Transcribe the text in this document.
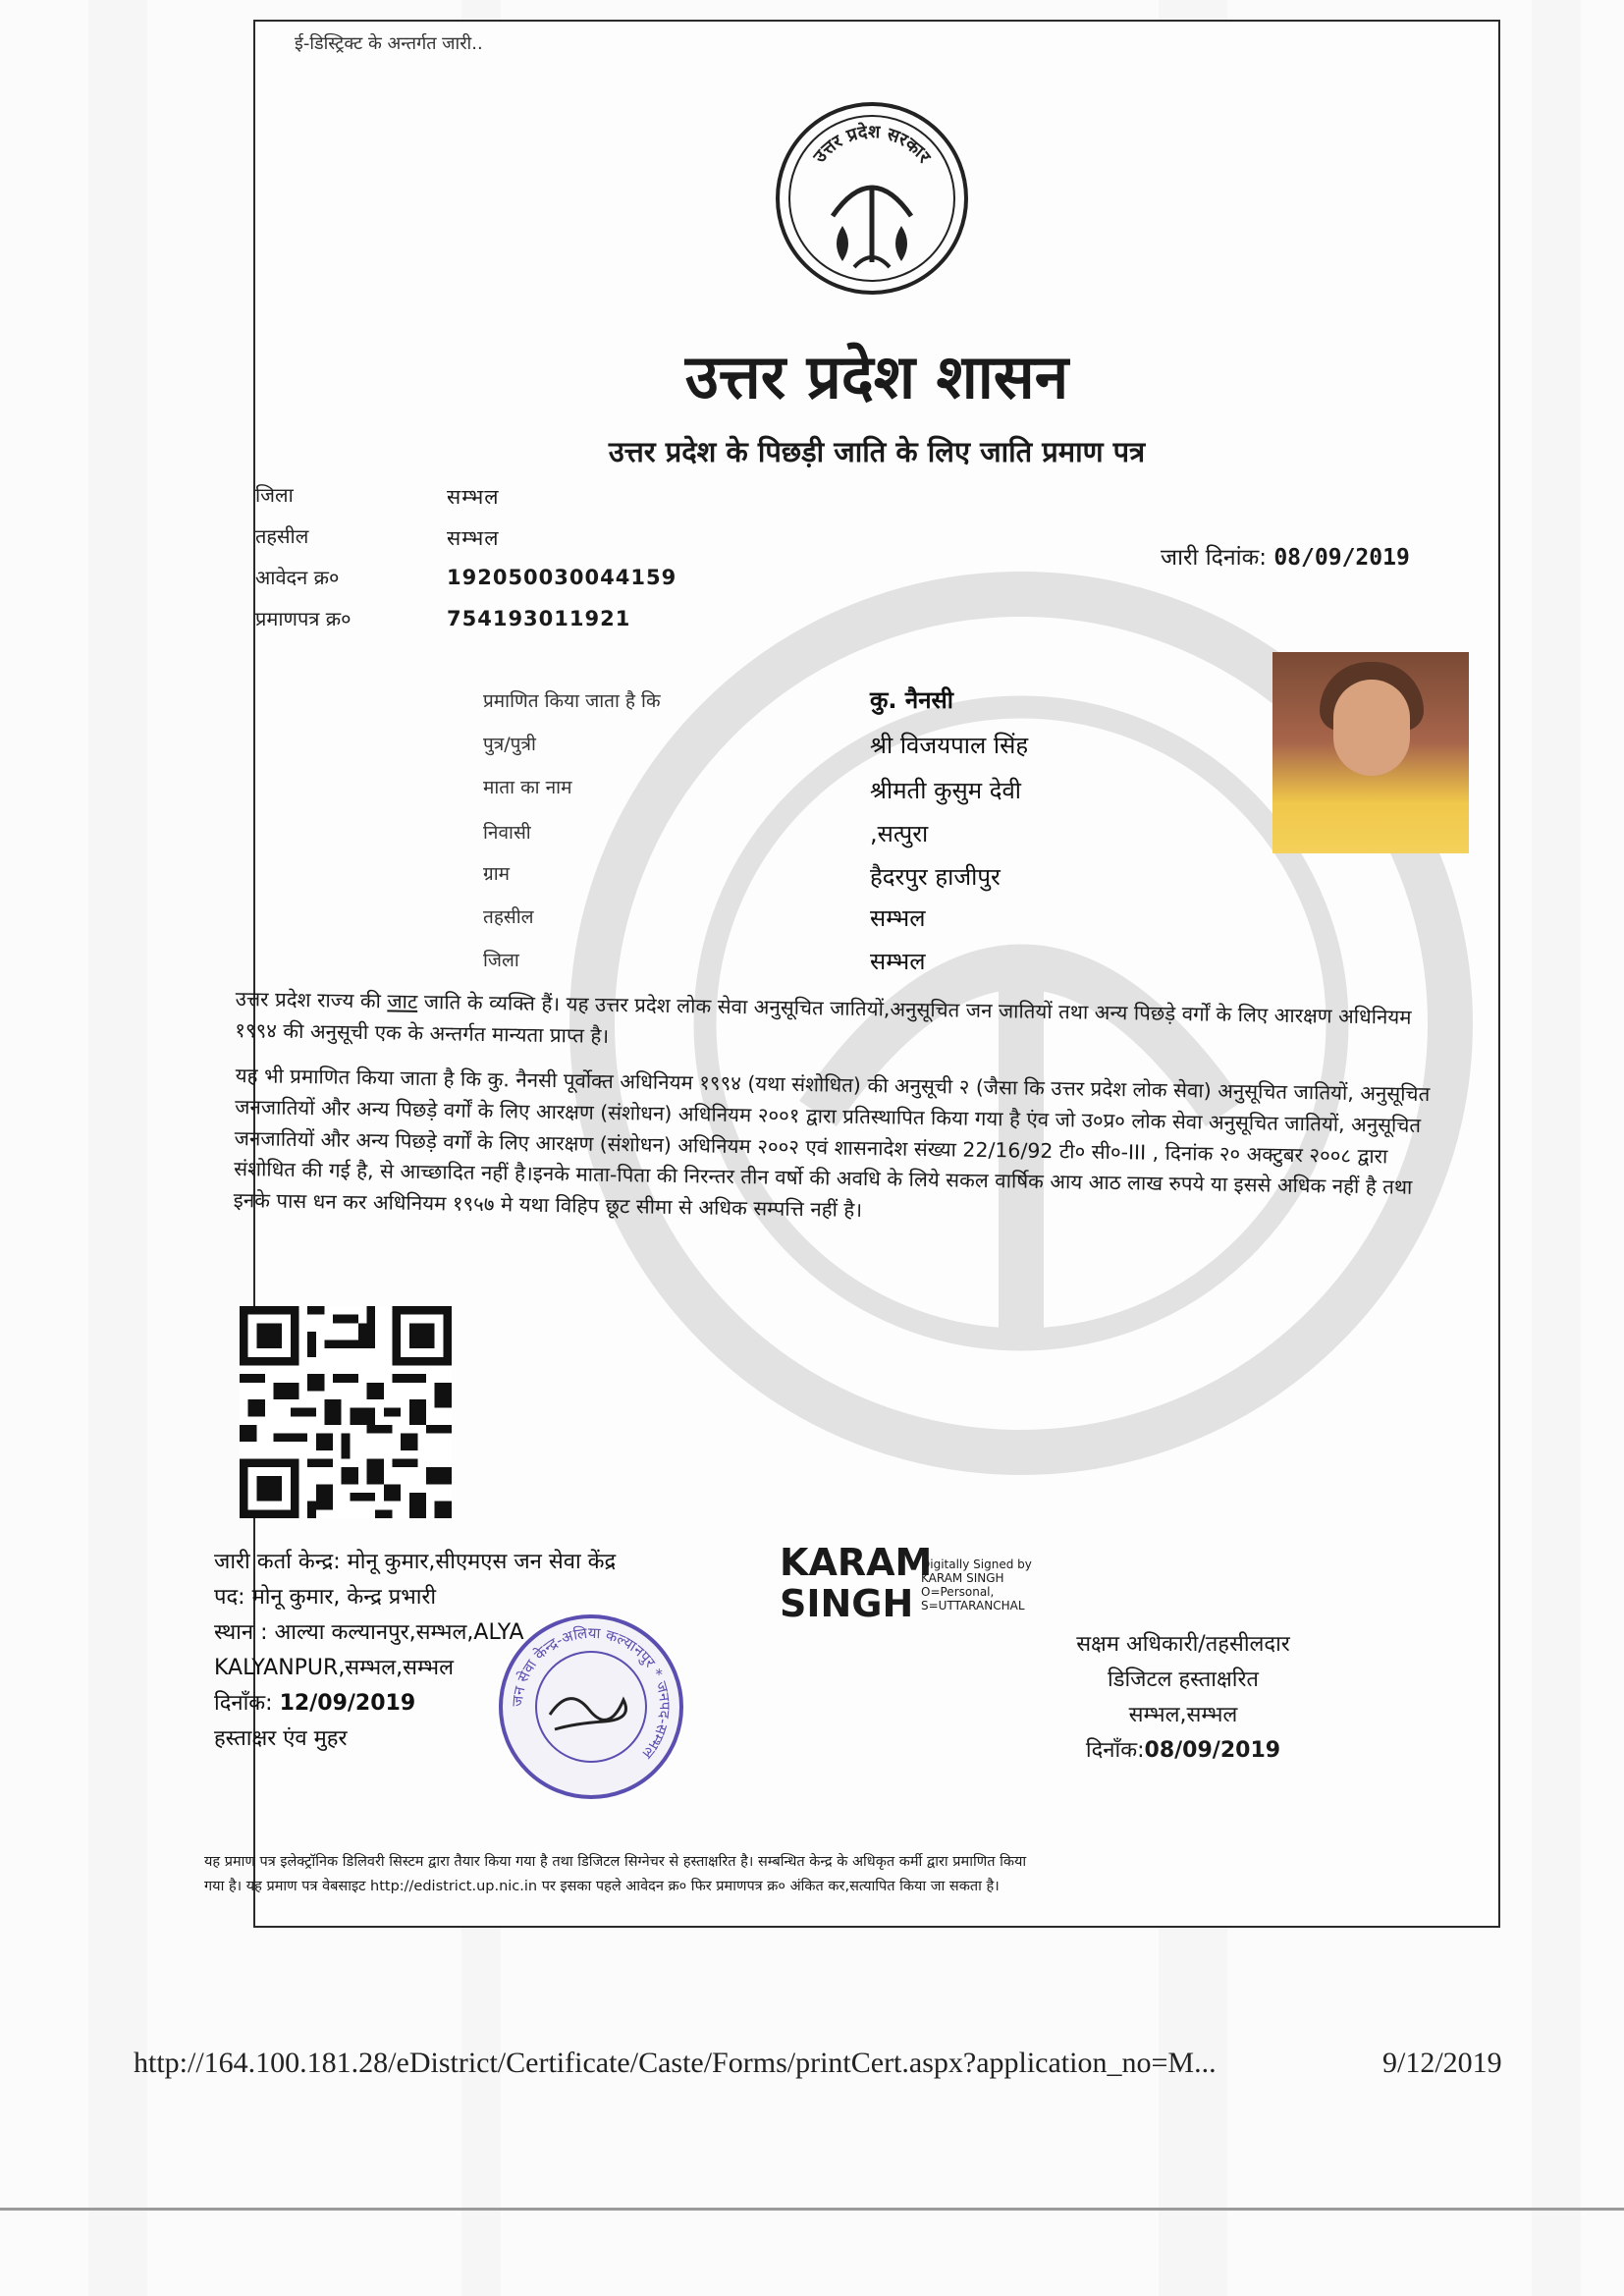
ई-डिस्ट्रिक्ट के अन्तर्गत जारी..
उत्तर प्रदेश सरकार
उत्तर प्रदेश शासन
उत्तर प्रदेश के पिछड़ी जाति के लिए जाति प्रमाण पत्र
जिला	सम्भल
तहसील	सम्भल
आवेदन क्र०	192050030044159
प्रमाणपत्र क्र०	754193011921
जारी दिनांक: 08/09/2019
प्रमाणित किया जाता है कि	कु. नैनसी
पुत्र/पुत्री	श्री विजयपाल सिंह
माता का नाम	श्रीमती कुसुम देवी
निवासी	,सत्पुरा
ग्राम	हैदरपुर हाजीपुर
तहसील	सम्भल
जिला	सम्भल
उत्तर प्रदेश राज्य की जाट जाति के व्यक्ति हैं। यह उत्तर प्रदेश लोक सेवा अनुसूचित जातियों,अनुसूचित जन जातियों तथा अन्य पिछड़े वर्गों के लिए आरक्षण अधिनियम १९९४ की अनुसूची एक के अन्तर्गत मान्यता प्राप्त है।
यह भी प्रमाणित किया जाता है कि कु. नैनसी पूर्वोक्त अधिनियम १९९४ (यथा संशोधित) की अनुसूची २ (जैसा कि उत्तर प्रदेश लोक सेवा) अनुसूचित जातियों, अनुसूचित जनजातियों और अन्य पिछड़े वर्गों के लिए आरक्षण (संशोधन) अधिनियम २००१ द्वारा प्रतिस्थापित किया गया है एंव जो उ०प्र० लोक सेवा अनुसूचित जातियों, अनुसूचित जनजातियों और अन्य पिछड़े वर्गों के लिए आरक्षण (संशोधन) अधिनियम २००२ एवं शासनादेश संख्या 22/16/92 टी० सी०-III , दिनांक २० अक्टुबर २००८ द्वारा संशोधित की गई है, से आच्छादित नहीं है।इनके माता-पिता की निरन्तर तीन वर्षो की अवधि के लिये सकल वार्षिक आय आठ लाख रुपये या इससे अधिक नहीं है तथा इनके पास धन कर अधिनियम १९५७ मे यथा विहिप छूट सीमा से अधिक सम्पत्ति नहीं है।
जारी कर्ता केन्द्र: मोनू कुमार,सीएमएस जन सेवा केंद्र
पद: मोनू कुमार, केन्द्र प्रभारी
स्थान : आल्या कल्यानपुर,सम्भल,ALYA
KALYANPUR,सम्भल,सम्भल
दिनाँक: 12/09/2019
हस्ताक्षर एंव मुहर
जन सेवा केन्द्र-अलिया कल्यानपुर * जनपद-सम्भल
KARAM
SINGH
Digitally Signed by
KARAM SINGH
O=Personal,
S=UTTARANCHAL
सक्षम अधिकारी/तहसीलदार
डिजिटल हस्ताक्षरित
सम्भल,सम्भल
दिनाँक:08/09/2019
यह प्रमाण पत्र इलेक्ट्रॉनिक डिलिवरी सिस्टम द्वारा तैयार किया गया है तथा डिजिटल सिग्नेचर से हस्ताक्षरित है। सम्बन्धित केन्द्र के अधिकृत कर्मी द्वारा प्रमाणित किया
गया है। यह प्रमाण पत्र वेबसाइट http://edistrict.up.nic.in पर इसका पहले आवेदन क्र० फिर प्रमाणपत्र क्र० अंकित कर,सत्यापित किया जा सकता है।
http://164.100.181.28/eDistrict/Certificate/Caste/Forms/printCert.aspx?application_no=M...	9/12/2019
